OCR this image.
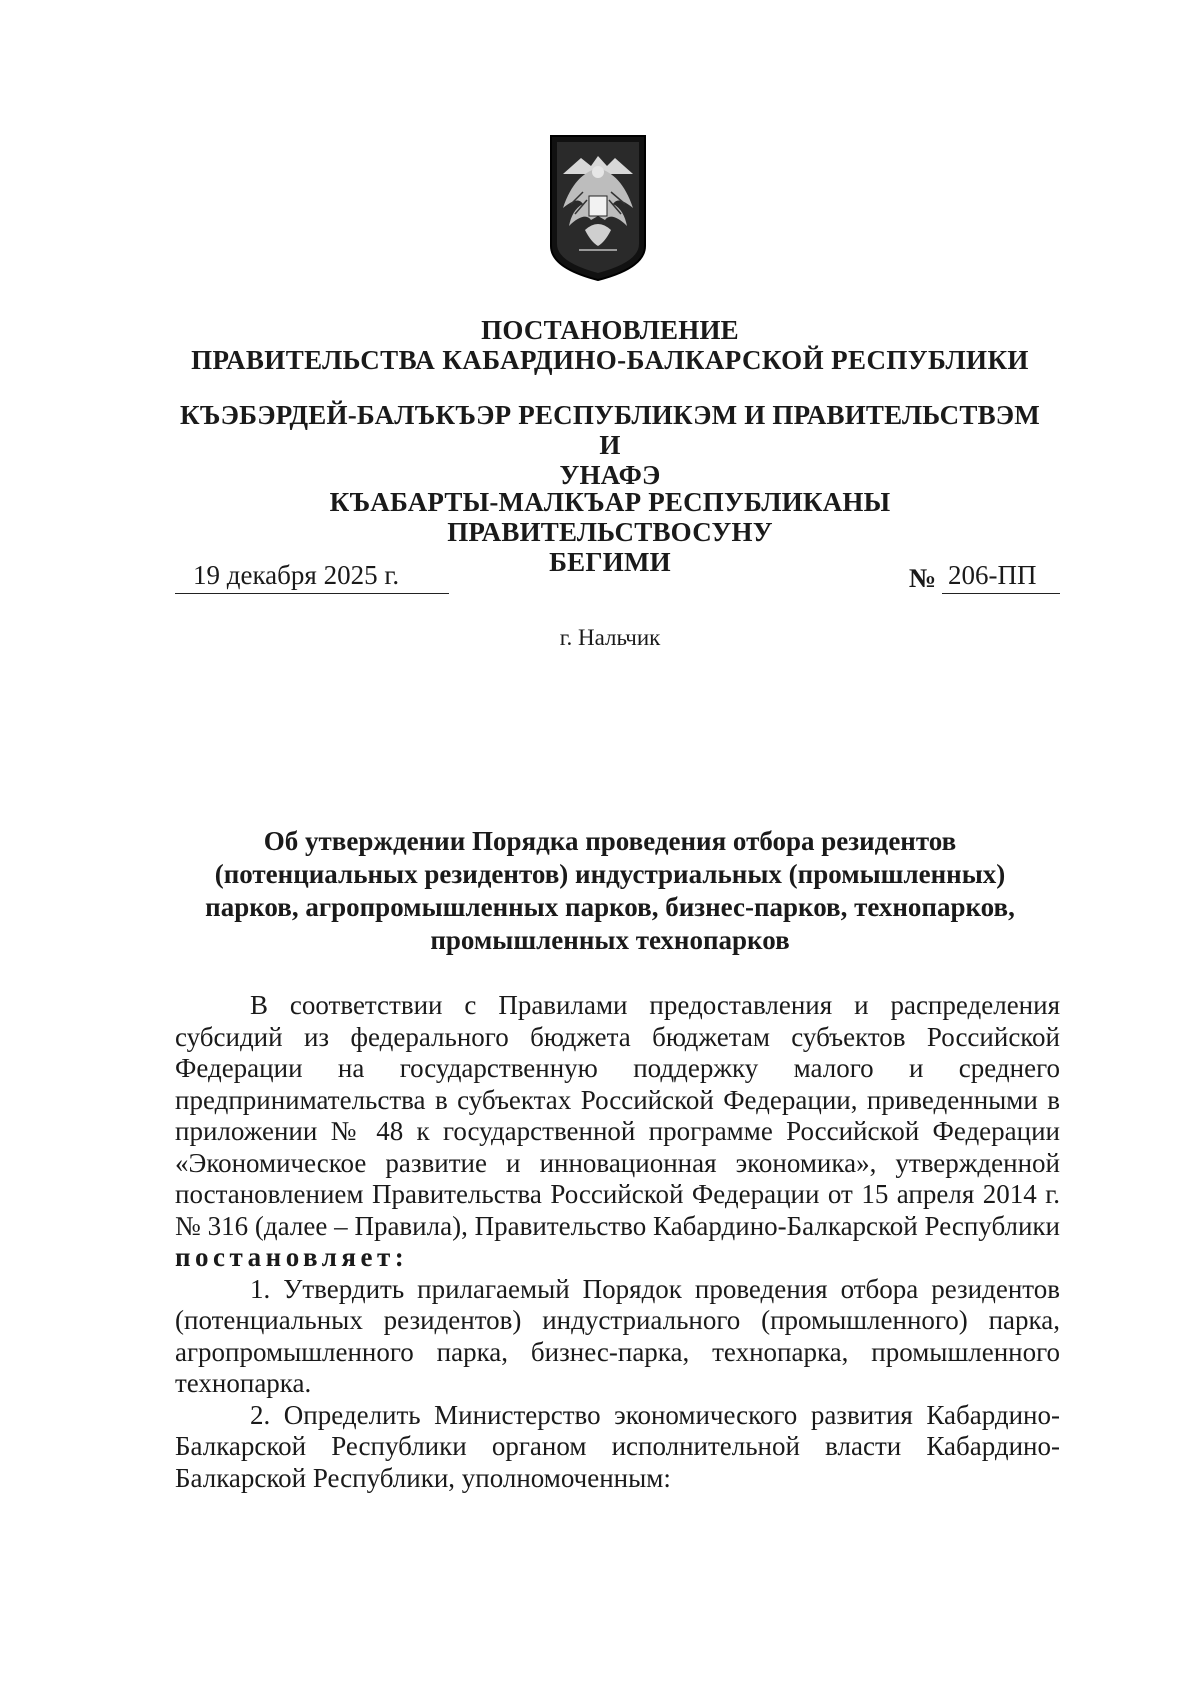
ПОСТАНОВЛЕНИЕ
ПРАВИТЕЛЬСТВА КАБАРДИНО-БАЛКАРСКОЙ РЕСПУБЛИКИ
КЪЭБЭРДЕЙ-БАЛЪКЪЭР РЕСПУБЛИКЭМ И ПРАВИТЕЛЬСТВЭМ И
УНАФЭ
КЪАБАРТЫ-МАЛКЪАР РЕСПУБЛИКАНЫ ПРАВИТЕЛЬСТВОСУНУ
БЕГИМИ
19 декабря 2025 г.	№ 206-ПП
г. Нальчик
Об утверждении Порядка проведения отбора резидентов
(потенциальных резидентов) индустриальных (промышленных)
парков, агропромышленных парков, бизнес-парков, технопарков,
промышленных технопарков

В соответствии с Правилами предоставления и распределения субсидий из федерального бюджета бюджетам субъектов Российской Федерации на государственную поддержку малого и среднего предпринимательства в субъектах Российской Федерации, приведенными в приложении № 48 к государственной программе Российской Федерации «Экономическое развитие и инновационная экономика», утвержденной постановлением Правительства Российской Федерации от 15 апреля 2014 г. № 316 (далее – Правила), Правительство Кабардино-Балкарской Республики постановляет:

1. Утвердить прилагаемый Порядок проведения отбора резидентов (потенциальных резидентов) индустриального (промышленного) парка, агропромышленного парка, бизнес-парка, технопарка, промышленного технопарка.

2. Определить Министерство экономического развития Кабардино-Балкарской Республики органом исполнительной власти Кабардино-Балкарской Республики, уполномоченным:
